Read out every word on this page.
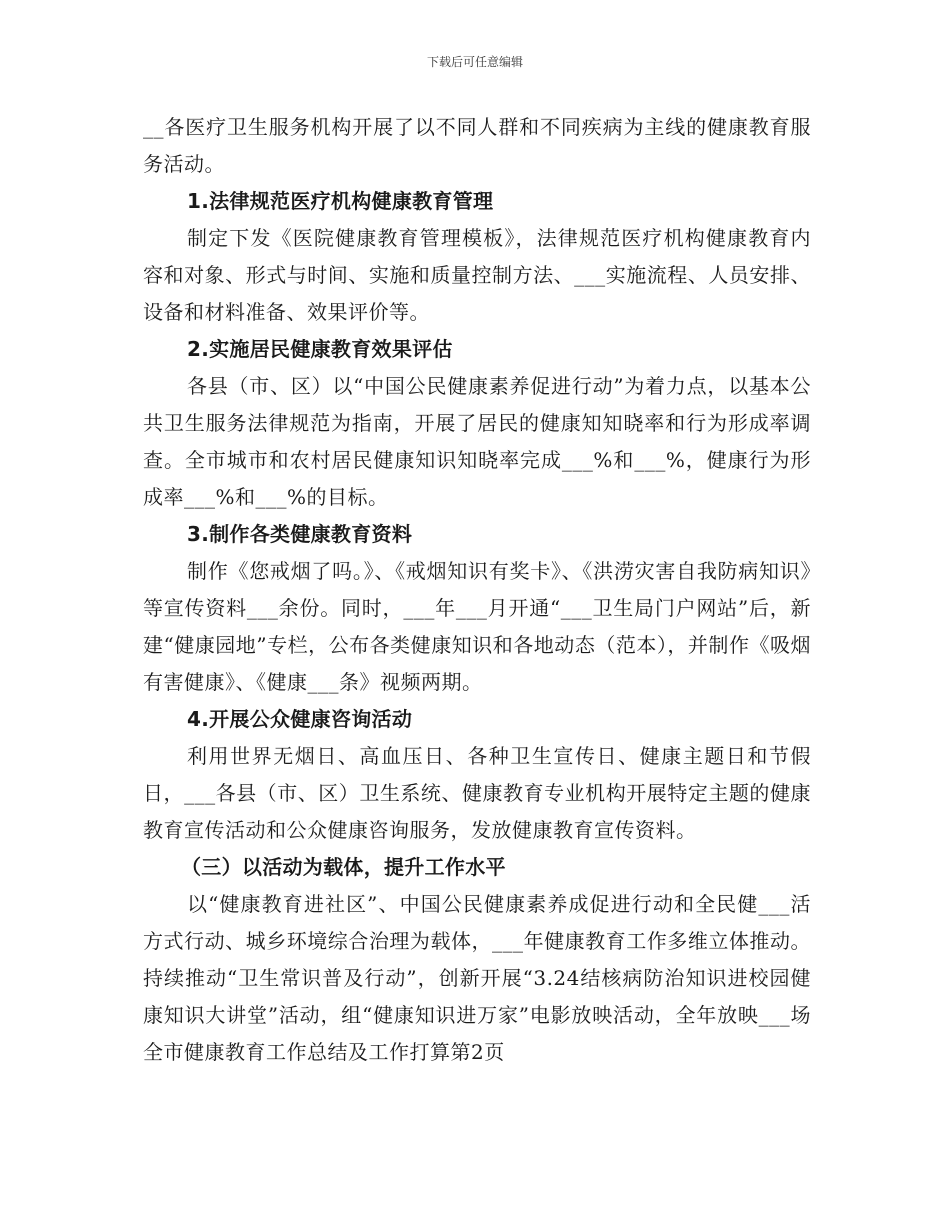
下载后可任意编辑

__各医疗卫生服务机构开展了以不同人群和不同疾病为主线的健康教育服务活动。

1.法律规范医疗机构健康教育管理

制定下发《医院健康教育管理模板》，法律规范医疗机构健康教育内容和对象、形式与时间、实施和质量控制方法、___实施流程、人员安排、设备和材料准备、效果评价等。

2.实施居民健康教育效果评估

各县（市、区）以“中国公民健康素养促进行动”为着力点，以基本公共卫生服务法律规范为指南，开展了居民的健康知知晓率和行为形成率调查。全市城市和农村居民健康知识知晓率完成___%和___%，健康行为形成率___%和___%的目标。

3.制作各类健康教育资料

制作《您戒烟了吗。》、《戒烟知识有奖卡》、《洪涝灾害自我防病知识》等宣传资料___余份。同时，___年___月开通“___卫生局门户网站”后，新建“健康园地”专栏，公布各类健康知识和各地动态（范本），并制作《吸烟有害健康》、《健康___条》视频两期。

4.开展公众健康咨询活动

利用世界无烟日、高血压日、各种卫生宣传日、健康主题日和节假日，___各县（市、区）卫生系统、健康教育专业机构开展特定主题的健康教育宣传活动和公众健康咨询服务，发放健康教育宣传资料。

（三）以活动为载体，提升工作水平

以“健康教育进社区”、中国公民健康素养成促进行动和全民健___活方式行动、城乡环境综合治理为载体，___年健康教育工作多维立体推动。持续推动“卫生常识普及行动”，创新开展“3.24结核病防治知识进校园健康知识大讲堂”活动，组“健康知识进万家”电影放映活动，全年放映___场全市健康教育工作总结及工作打算第2页
